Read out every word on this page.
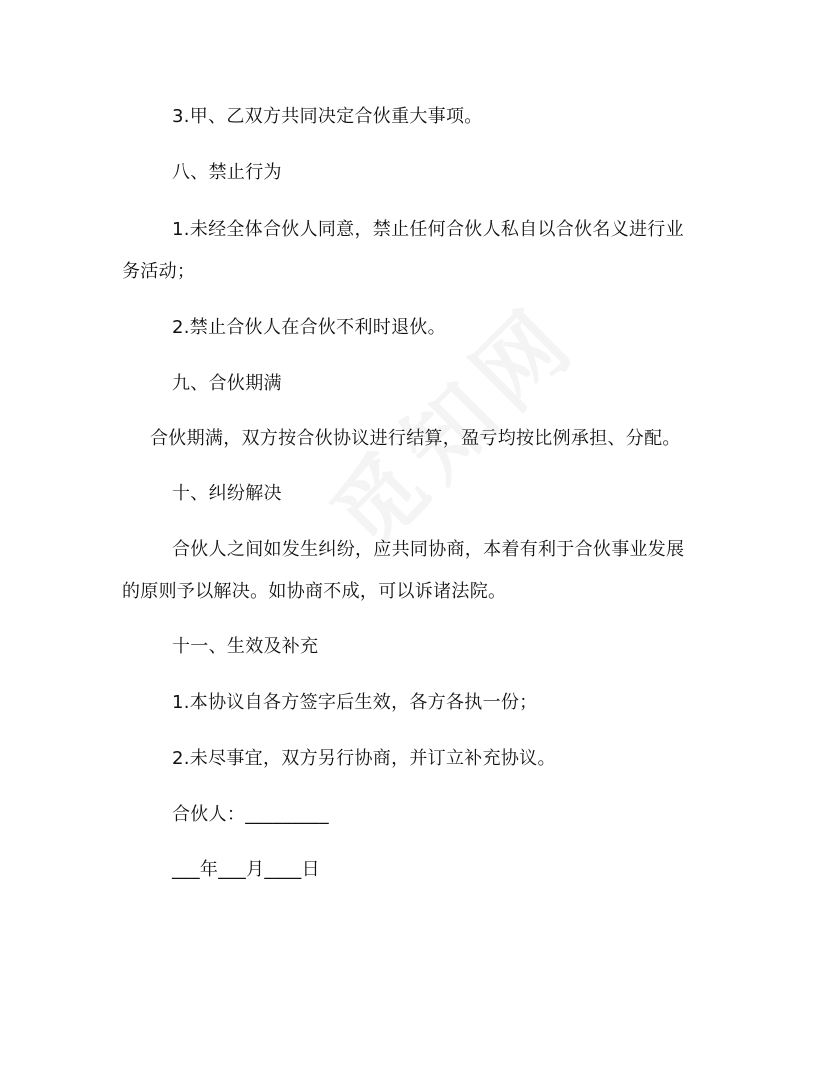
3.甲、乙双方共同决定合伙重大事项。
八、禁止行为
1.未经全体合伙人同意，禁止任何合伙人私自以合伙名义进行业
务活动；
2.禁止合伙人在合伙不利时退伙。
九、合伙期满
合伙期满，双方按合伙协议进行结算，盈亏均按比例承担、分配。
十、纠纷解决
合伙人之间如发生纠纷，应共同协商，本着有利于合伙事业发展
的原则予以解决。如协商不成，可以诉诸法院。
十一、生效及补充
1.本协议自各方签字后生效，各方各执一份；
2.未尽事宜，双方另行协商，并订立补充协议。
合伙人：_________
___年___月____日
